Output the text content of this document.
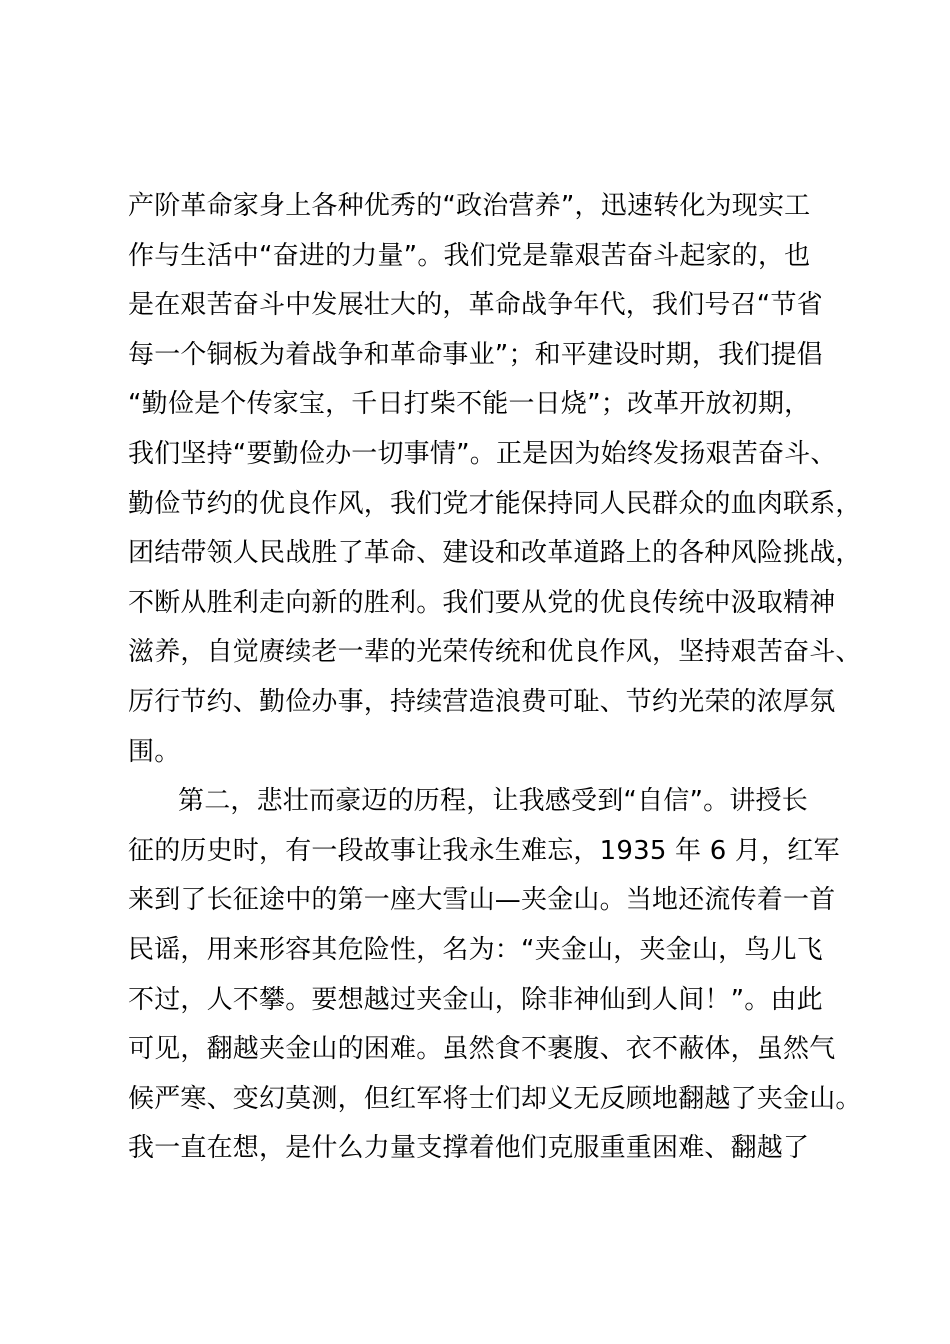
产阶革命家身上各种优秀的“政治营养”，迅速转化为现实工
作与生活中“奋进的力量”。我们党是靠艰苦奋斗起家的，也
是在艰苦奋斗中发展壮大的，革命战争年代，我们号召“节省
每一个铜板为着战争和革命事业”；和平建设时期，我们提倡
“勤俭是个传家宝，千日打柴不能一日烧”；改革开放初期，
我们坚持“要勤俭办一切事情”。正是因为始终发扬艰苦奋斗、
勤俭节约的优良作风，我们党才能保持同人民群众的血肉联系，
团结带领人民战胜了革命、建设和改革道路上的各种风险挑战，
不断从胜利走向新的胜利。我们要从党的优良传统中汲取精神
滋养，自觉赓续老一辈的光荣传统和优良作风，坚持艰苦奋斗、
厉行节约、勤俭办事，持续营造浪费可耻、节约光荣的浓厚氛
围。
第二，悲壮而豪迈的历程，让我感受到“自信”。讲授长
征的历史时，有一段故事让我永生难忘，1935 年 6 月，红军
来到了长征途中的第一座大雪山—夹金山。当地还流传着一首
民谣，用来形容其危险性，名为：“夹金山，夹金山，鸟儿飞
不过，人不攀。要想越过夹金山，除非神仙到人间！”。由此
可见，翻越夹金山的困难。虽然食不裹腹、衣不蔽体，虽然气
候严寒、变幻莫测，但红军将士们却义无反顾地翻越了夹金山。
我一直在想，是什么力量支撑着他们克服重重困难、翻越了
